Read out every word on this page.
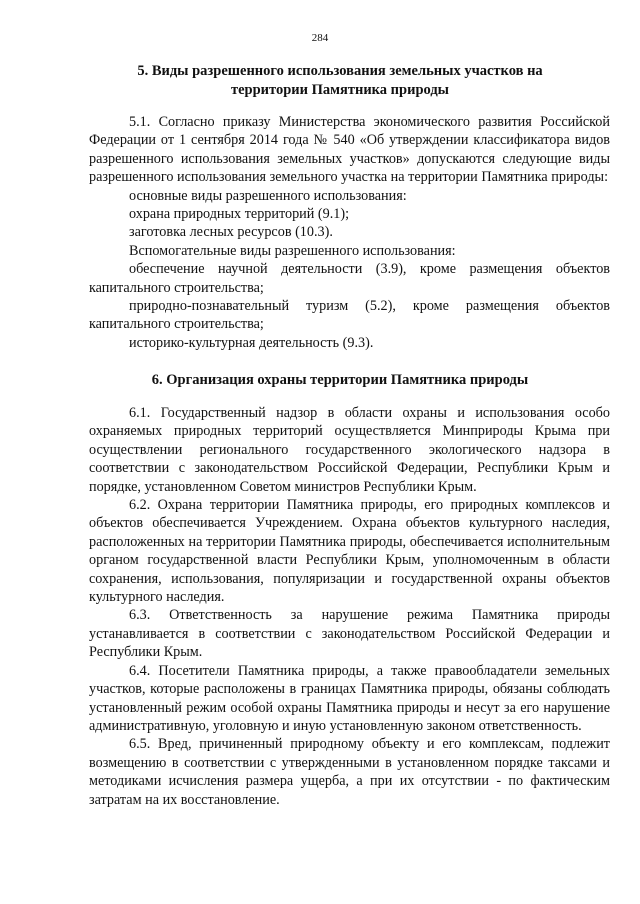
284
5. Виды разрешенного использования земельных участков на
территории Памятника природы

5.1. Согласно приказу Министерства экономического развития Российской Федерации от 1 сентября 2014 года № 540 «Об утверждении классификатора видов разрешенного использования земельных участков» допускаются следующие виды разрешенного использования земельного участка на территории Памятника природы:

основные виды разрешенного использования:

охрана природных территорий (9.1);

заготовка лесных ресурсов (10.3).

Вспомогательные виды разрешенного использования:

обеспечение научной деятельности (3.9), кроме размещения объектов капитального строительства;

природно-познавательный туризм (5.2), кроме размещения объектов капитального строительства;

историко-культурная деятельность (9.3).

6. Организация охраны территории Памятника природы

6.1. Государственный надзор в области охраны и использования особо охраняемых природных территорий осуществляется Минприроды Крыма при осуществлении регионального государственного экологического надзора в соответствии с законодательством Российской Федерации, Республики Крым и порядке, установленном Советом министров Республики Крым.

6.2. Охрана территории Памятника природы, его природных комплексов и объектов обеспечивается Учреждением. Охрана объектов культурного наследия, расположенных на территории Памятника природы, обеспечивается исполнительным органом государственной власти Республики Крым, уполномоченным в области сохранения, использования, популяризации и государственной охраны объектов культурного наследия.

6.3. Ответственность за нарушение режима Памятника природы устанавливается в соответствии с законодательством Российской Федерации и Республики Крым.

6.4. Посетители Памятника природы, а также правообладатели земельных участков, которые расположены в границах Памятника природы, обязаны соблюдать установленный режим особой охраны Памятника природы и несут за его нарушение административную, уголовную и иную установленную законом ответственность.

6.5. Вред, причиненный природному объекту и его комплексам, подлежит возмещению в соответствии с утвержденными в установленном порядке таксами и методиками исчисления размера ущерба, а при их отсутствии - по фактическим затратам на их восстановление.
